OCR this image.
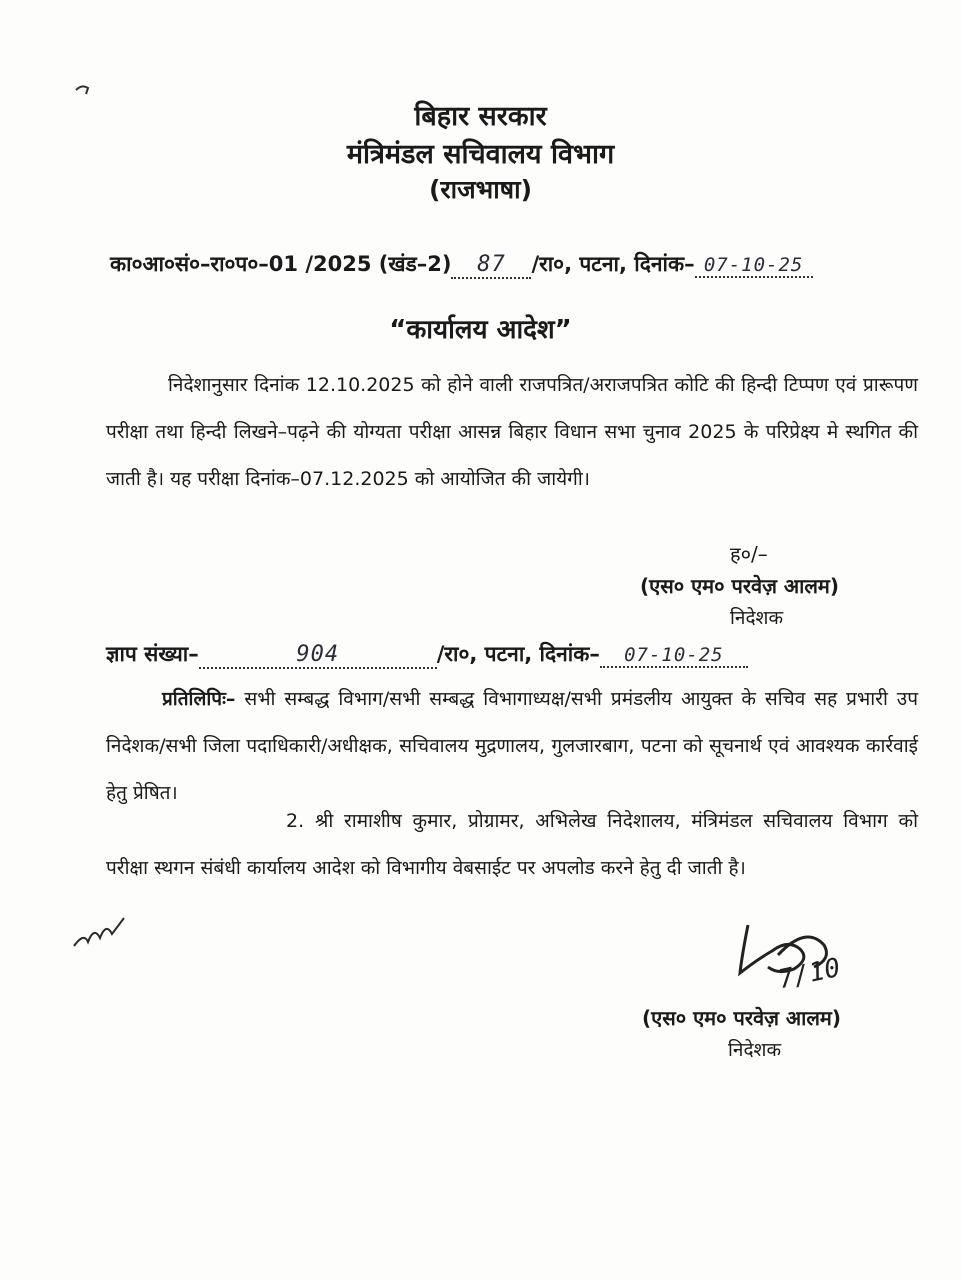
बिहार सरकार
मंत्रिमंडल सचिवालय विभाग
(राजभाषा)
का०आ०सं०–रा०प०–01 /2025 (खंड–2) 87 /रा०, पटना, दिनांक– 07-10-25
“कार्यालय आदेश”
निदेशानुसार दिनांक 12.10.2025 को होने वाली राजपत्रित/अराजपत्रित कोटि की हिन्दी टिप्पण एवं प्रारूपण परीक्षा तथा हिन्दी लिखने–पढ़ने की योग्यता परीक्षा आसन्न बिहार विधान सभा चुनाव 2025 के परिप्रेक्ष्य मे स्थगित की जाती है। यह परीक्षा दिनांक–07.12.2025 को आयोजित की जायेगी।
ह०/–
(एस० एम० परवेज़ आलम)
निदेशक
ज्ञाप संख्या–	904	/रा०, पटना, दिनांक– 07-10-25
प्रतिलिपिः– सभी सम्बद्ध विभाग/सभी सम्बद्ध विभागाध्यक्ष/सभी प्रमंडलीय आयुक्त के सचिव सह प्रभारी उप निदेशक/सभी जिला पदाधिकारी/अधीक्षक, सचिवालय मुद्रणालय, गुलजारबाग, पटना को सूचनार्थ एवं आवश्यक कार्रवाई हेतु प्रेषित।
2. श्री रामाशीष कुमार, प्रोग्रामर, अभिलेख निदेशालय, मंत्रिमंडल सचिवालय विभाग को परीक्षा स्थगन संबंधी कार्यालय आदेश को विभागीय वेबसाईट पर अपलोड करने हेतु दी जाती है।
7/10
(एस० एम० परवेज़ आलम)
निदेशक
